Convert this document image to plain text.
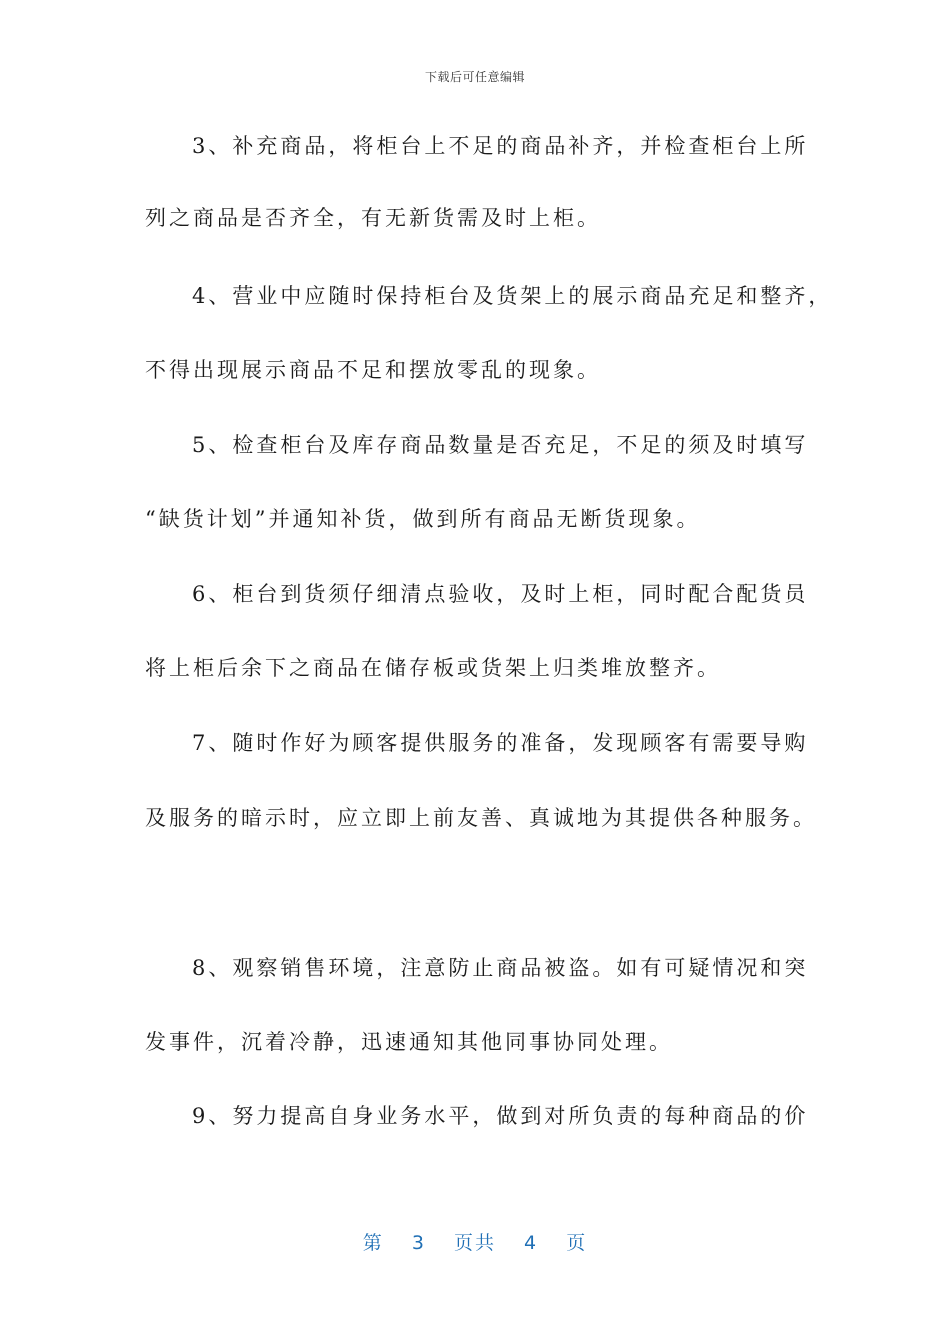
下载后可任意编辑
3、补充商品，将柜台上不足的商品补齐，并检查柜台上所
列之商品是否齐全，有无新货需及时上柜。
4、营业中应随时保持柜台及货架上的展示商品充足和整齐，
不得出现展示商品不足和摆放零乱的现象。
5、检查柜台及库存商品数量是否充足，不足的须及时填写
“缺货计划”并通知补货，做到所有商品无断货现象。
6、柜台到货须仔细清点验收，及时上柜，同时配合配货员
将上柜后余下之商品在储存板或货架上归类堆放整齐。
7、随时作好为顾客提供服务的准备，发现顾客有需要导购
及服务的暗示时，应立即上前友善、真诚地为其提供各种服务。
8、观察销售环境，注意防止商品被盗。如有可疑情况和突
发事件，沉着冷静，迅速通知其他同事协同处理。
9、努力提高自身业务水平，做到对所负责的每种商品的价
第 3 页共 4 页
